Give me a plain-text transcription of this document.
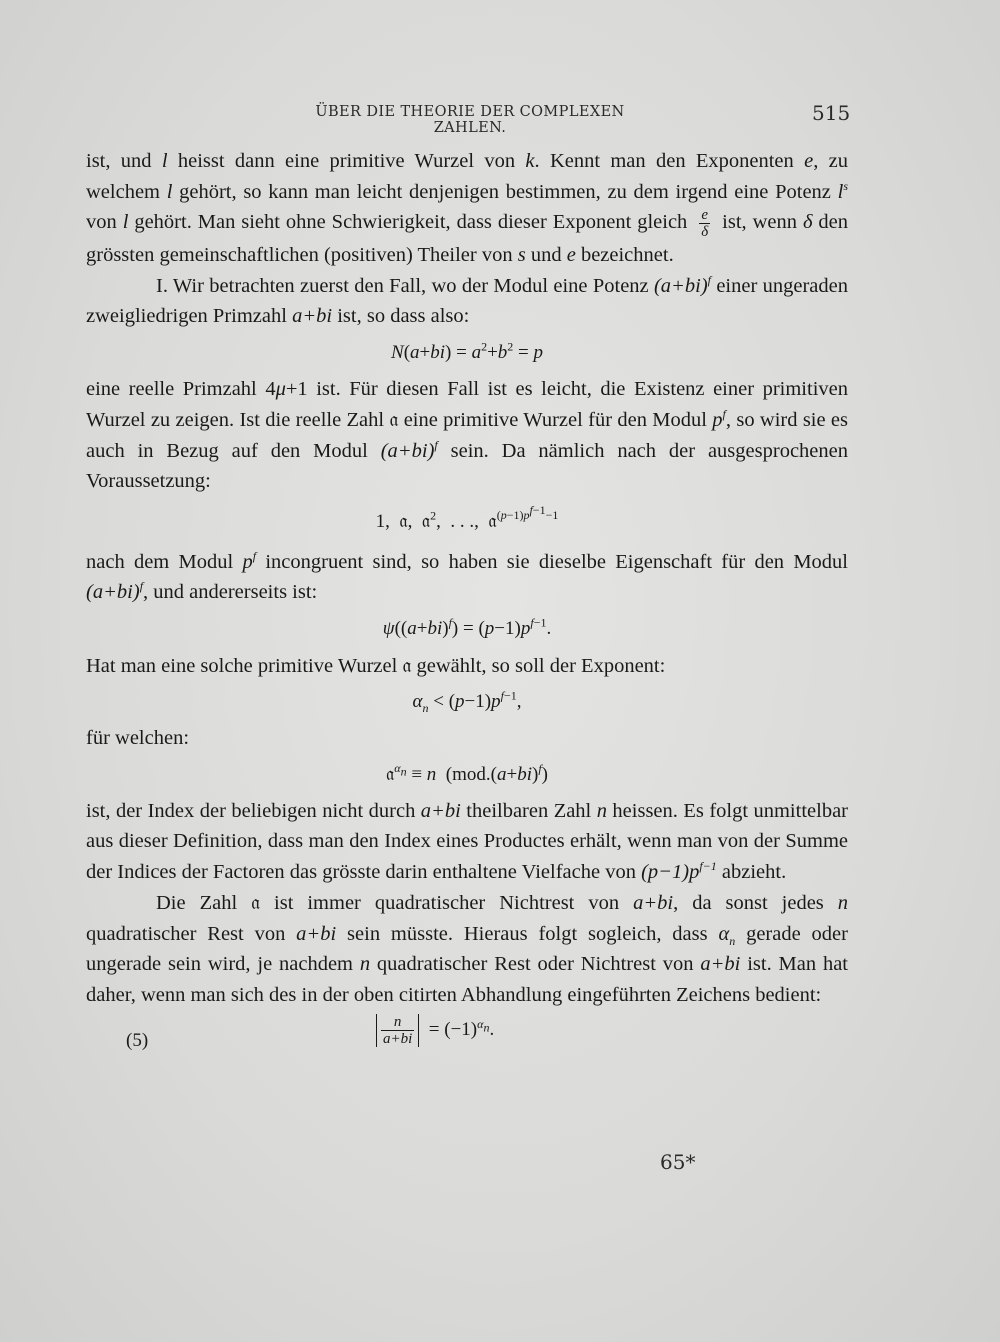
ÜBER DIE THEORIE DER COMPLEXEN ZAHLEN.
515

ist, und l heisst dann eine primitive Wurzel von k. Kennt man den Exponenten e, zu welchem l gehört, so kann man leicht denjenigen bestimmen, zu dem irgend eine Potenz $l^s$ von l gehört. Man sieht ohne Schwierigkeit, dass dieser Exponent gleich $\frac{e}{\delta}$ ist, wenn δ den grössten gemeinschaftlichen (positiven) Theiler von s und e bezeichnet.

I. Wir betrachten zuerst den Fall, wo der Modul eine Potenz $(a+bi)^f$ einer ungeraden zweigliedrigen Primzahl a+bi ist, so dass also:

$N(a+bi) = a^2+b^2 = p$

eine reelle Primzahl 4μ+1 ist. Für diesen Fall ist es leicht, die Existenz einer primitiven Wurzel zu zeigen. Ist die reelle Zahl 𝔞 eine primitive Wurzel für den Modul $p^f$, so wird sie es auch in Bezug auf den Modul $(a+bi)^f$ sein. Da nämlich nach der ausgesprochenen Voraussetzung:

1,  𝔞,  𝔞$^2$,  . . .,  𝔞$^{(p-1)p^{f-1}-1}$

nach dem Modul $p^f$ incongruent sind, so haben sie dieselbe Eigenschaft für den Modul $(a+bi)^f$, und andererseits ist:

$\psi((a+bi)^f) = (p-1)p^{f-1}$.

Hat man eine solche primitive Wurzel 𝔞 gewählt, so soll der Exponent:

$\alpha_n < (p-1)p^{f-1}$,

für welchen:

𝔞$^{\alpha_n}$ ≡ n  $(mod.(a+bi)^f)$

ist, der Index der beliebigen nicht durch a+bi theilbaren Zahl n heissen. Es folgt unmittelbar aus dieser Definition, dass man den Index eines Productes erhält, wenn man von der Summe der Indices der Factoren das grösste darin enthaltene Vielfache von $(p-1)p^{f-1}$ abzieht.

Die Zahl 𝔞 ist immer quadratischer Nichtrest von a+bi, da sonst jedes n quadratischer Rest von a+bi sein müsste. Hieraus folgt sogleich, dass $\alpha_n$ gerade oder ungerade sein wird, je nachdem n quadratischer Rest oder Nichtrest von a+bi ist. Man hat daher, wenn man sich des in der oben citirten Abhandlung eingeführten Zeichens bedient:

(5)	$\frac{n}{a+bi} = (-1)^{\alpha_n}$.
65*
